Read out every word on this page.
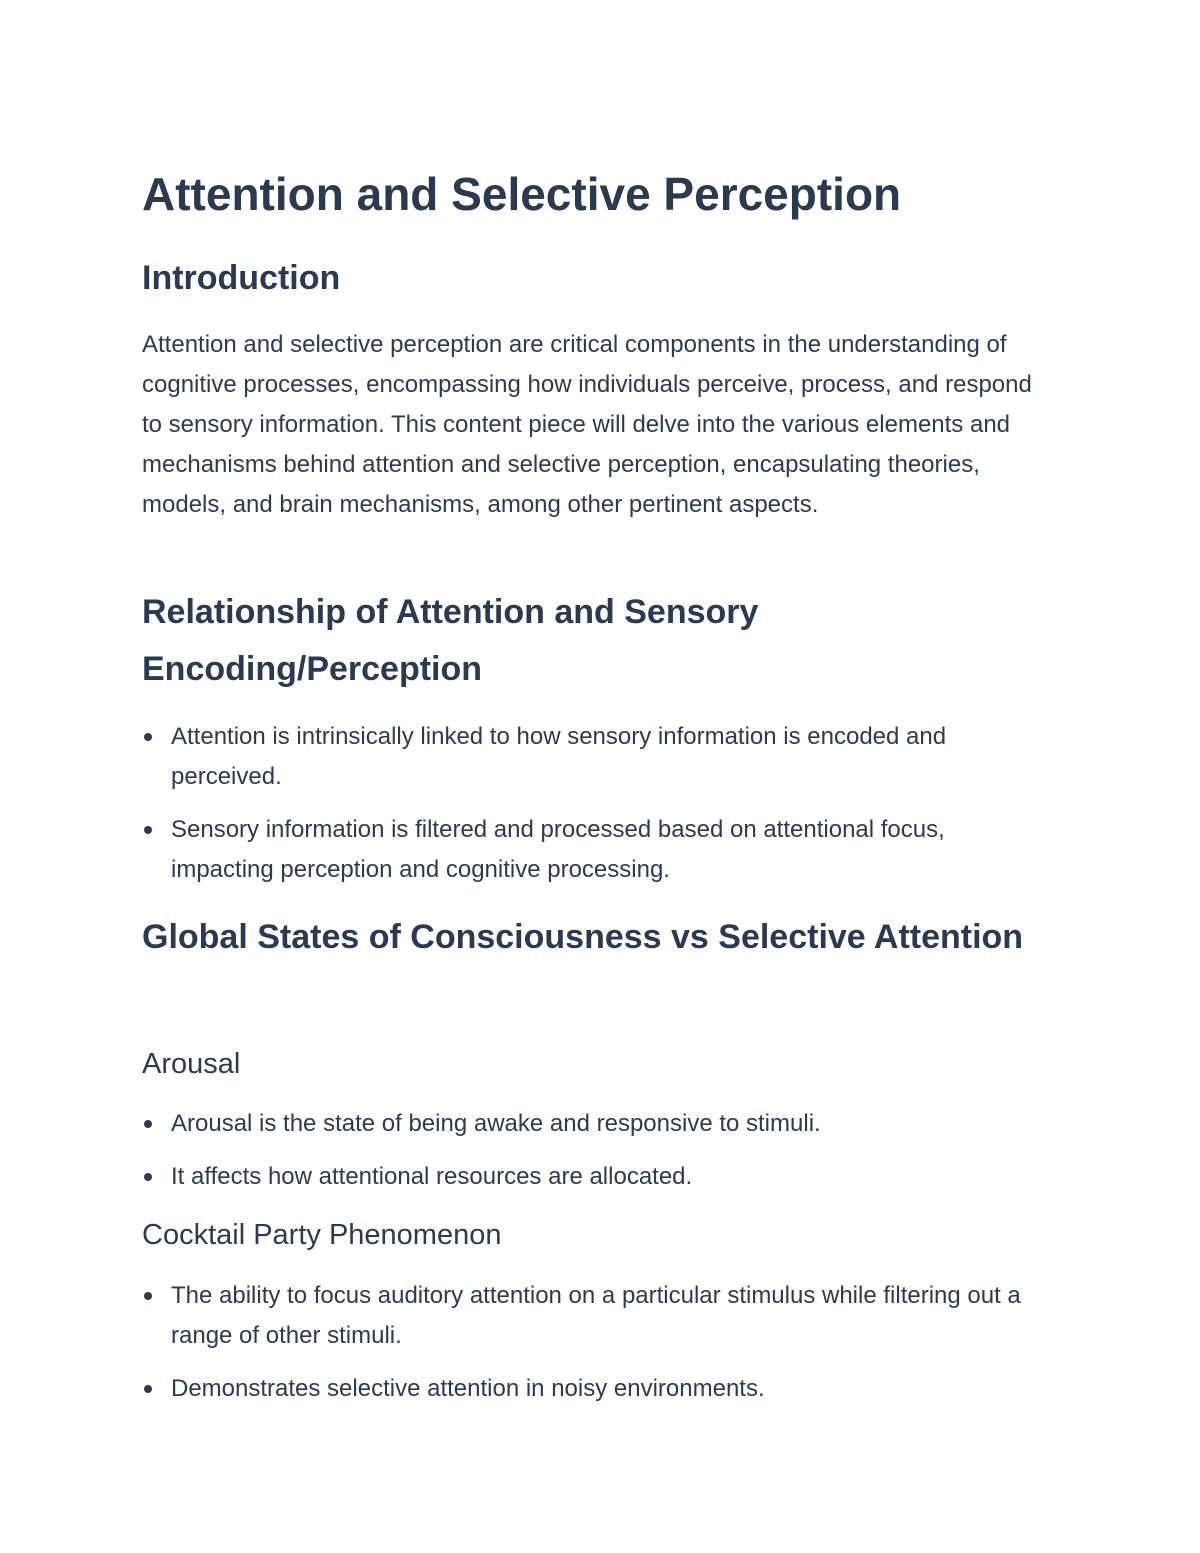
Attention and Selective Perception
Introduction

Attention and selective perception are critical components in the understanding of cognitive processes, encompassing how individuals perceive, process, and respond to sensory information. This content piece will delve into the various elements and mechanisms behind attention and selective perception, encapsulating theories, models, and brain mechanisms, among other pertinent aspects.

Relationship of Attention and Sensory Encoding/Perception
Attention is intrinsically linked to how sensory information is encoded and perceived.
Sensory information is filtered and processed based on attentional focus, impacting perception and cognitive processing.
Global States of Consciousness vs Selective Attention
Arousal
Arousal is the state of being awake and responsive to stimuli.
It affects how attentional resources are allocated.
Cocktail Party Phenomenon
The ability to focus auditory attention on a particular stimulus while filtering out a range of other stimuli.
Demonstrates selective attention in noisy environments.
